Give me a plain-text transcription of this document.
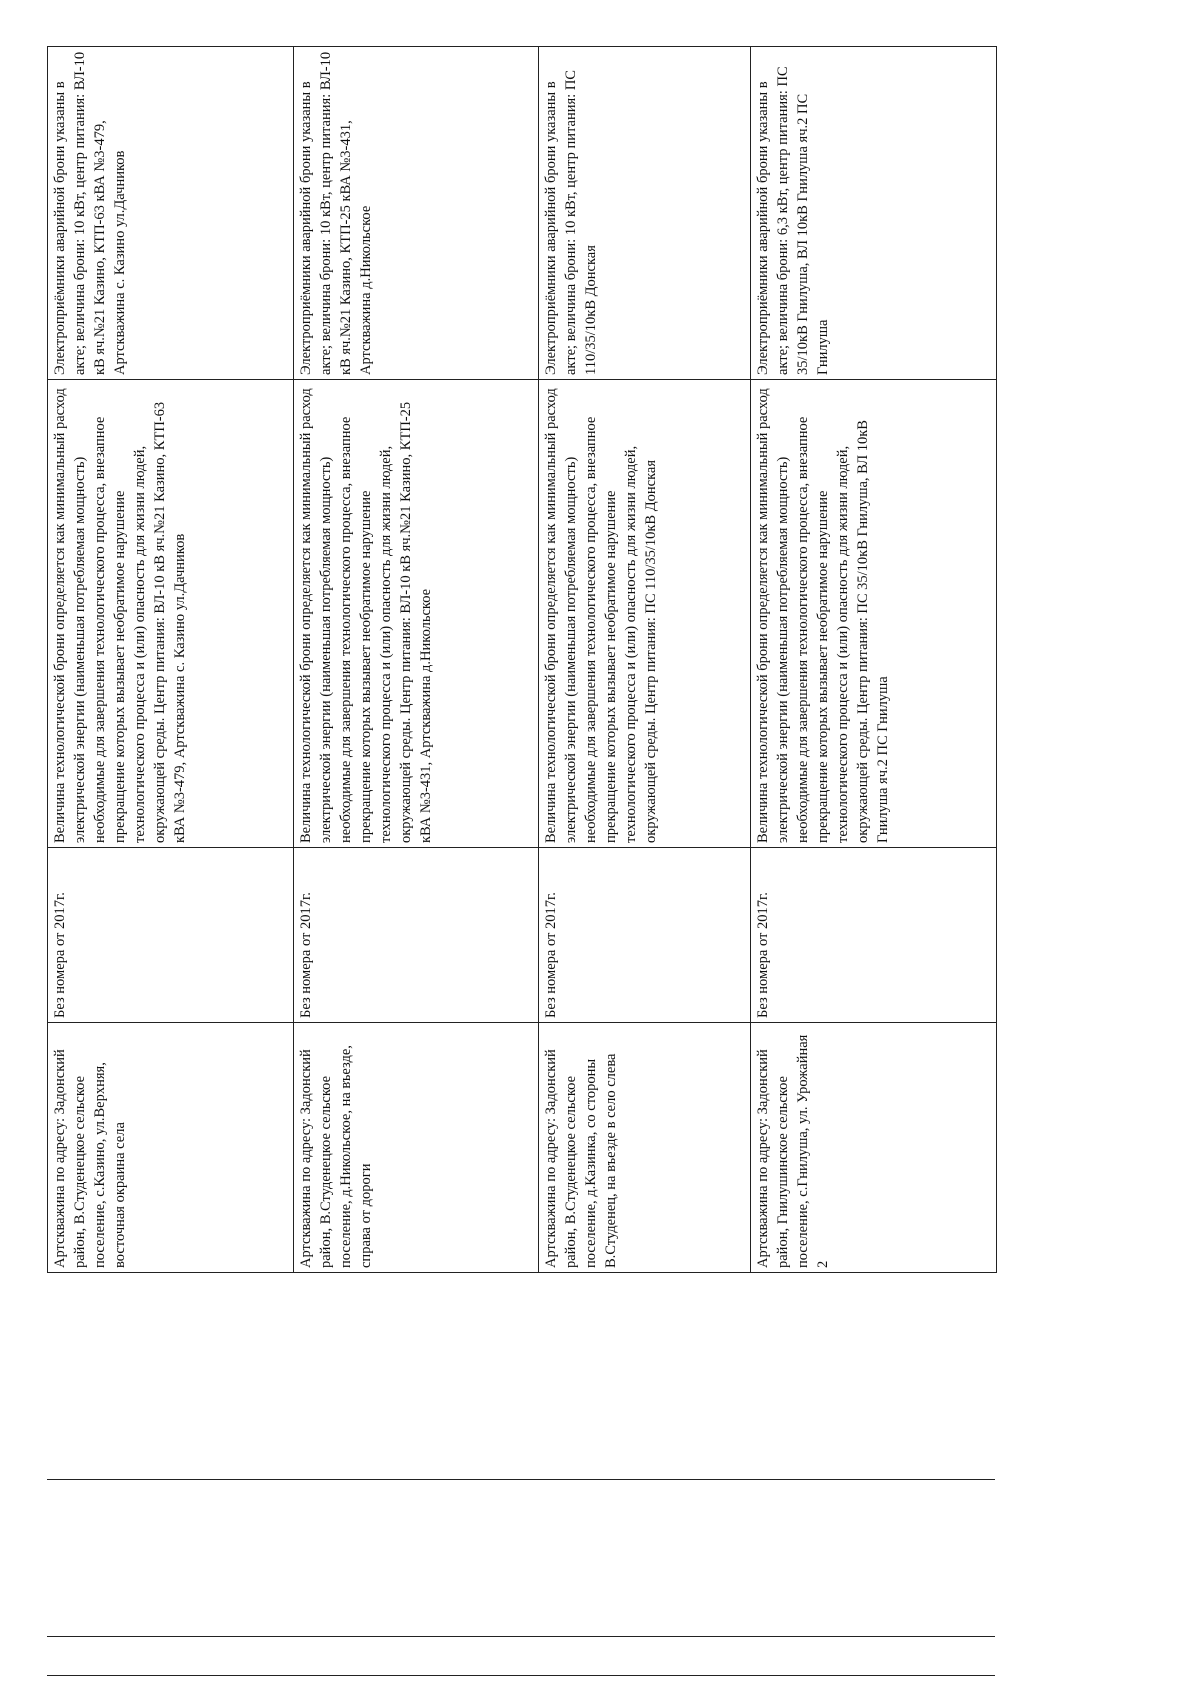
Артскважина по адресу: Задонский район, В.Студенецкое сельское поселение, с.Казино, ул.Верхняя, восточная окраина села	Без номера от 2017г.	Величина технологической брони определяется как минимальный расход электрической энергии (наименьшая потребляемая мощность) необходимые для завершения технологического процесса, внезапное прекращение которых вызывает необратимое нарушение технологического процесса и (или) опасность для жизни людей, окружающей среды. Центр питания: ВЛ-10 кВ яч.№21 Казино, КТП-63 кВА №3-479, Артскважина с. Казино ул.Дачников	Электроприёмники аварийной брони указаны в акте; величина брони: 10 кВт, центр питания: ВЛ-10 кВ яч.№21 Казино, КТП-63 кВА №3-479, Артскважина с. Казино ул.Дачников
Артскважина по адресу: Задонский район, В.Студенецкое сельское поселение, д.Никольское, на въезде, справа от дороги	Без номера от 2017г.	Величина технологической брони определяется как минимальный расход электрической энергии (наименьшая потребляемая мощность) необходимые для завершения технологического процесса, внезапное прекращение которых вызывает необратимое нарушение технологического процесса и (или) опасность для жизни людей, окружающей среды. Центр питания: ВЛ-10 кВ яч.№21 Казино, КТП-25 кВА №3-431, Артскважина д.Никольское	Электроприёмники аварийной брони указаны в акте; величина брони: 10 кВт, центр питания: ВЛ-10 кВ яч.№21 Казино, КТП-25 кВА №3-431, Артскважина д.Никольское
Артскважина по адресу: Задонский район, В.Студенецкое сельское поселение, д.Казинка, со стороны В.Студенец, на въезде в село слева	Без номера от 2017г.	Величина технологической брони определяется как минимальный расход электрической энергии (наименьшая потребляемая мощность) необходимые для завершения технологического процесса, внезапное прекращение которых вызывает необратимое нарушение технологического процесса и (или) опасность для жизни людей, окружающей среды. Центр питания: ПС 110/35/10кВ Донская	Электроприёмники аварийной брони указаны в акте; величина брони: 10 кВт, центр питания: ПС 110/35/10кВ Донская
Артскважина по адресу: Задонский район, Гнилушинское сельское поселение, с.Гнилуша, ул. Урожайная 2	Без номера от 2017г.	Величина технологической брони определяется как минимальный расход электрической энергии (наименьшая потребляемая мощность) необходимые для завершения технологического процесса, внезапное прекращение которых вызывает необратимое нарушение технологического процесса и (или) опасность для жизни людей, окружающей среды. Центр питания: ПС 35/10кВ Гнилуша, ВЛ 10кВ Гнилуша яч.2 ПС Гнилуша	Электроприёмники аварийной брони указаны в акте; величина брони: 6,3 кВт, центр питания: ПС 35/10кВ Гнилуша, ВЛ 10кВ Гнилуша яч.2 ПС Гнилуша
